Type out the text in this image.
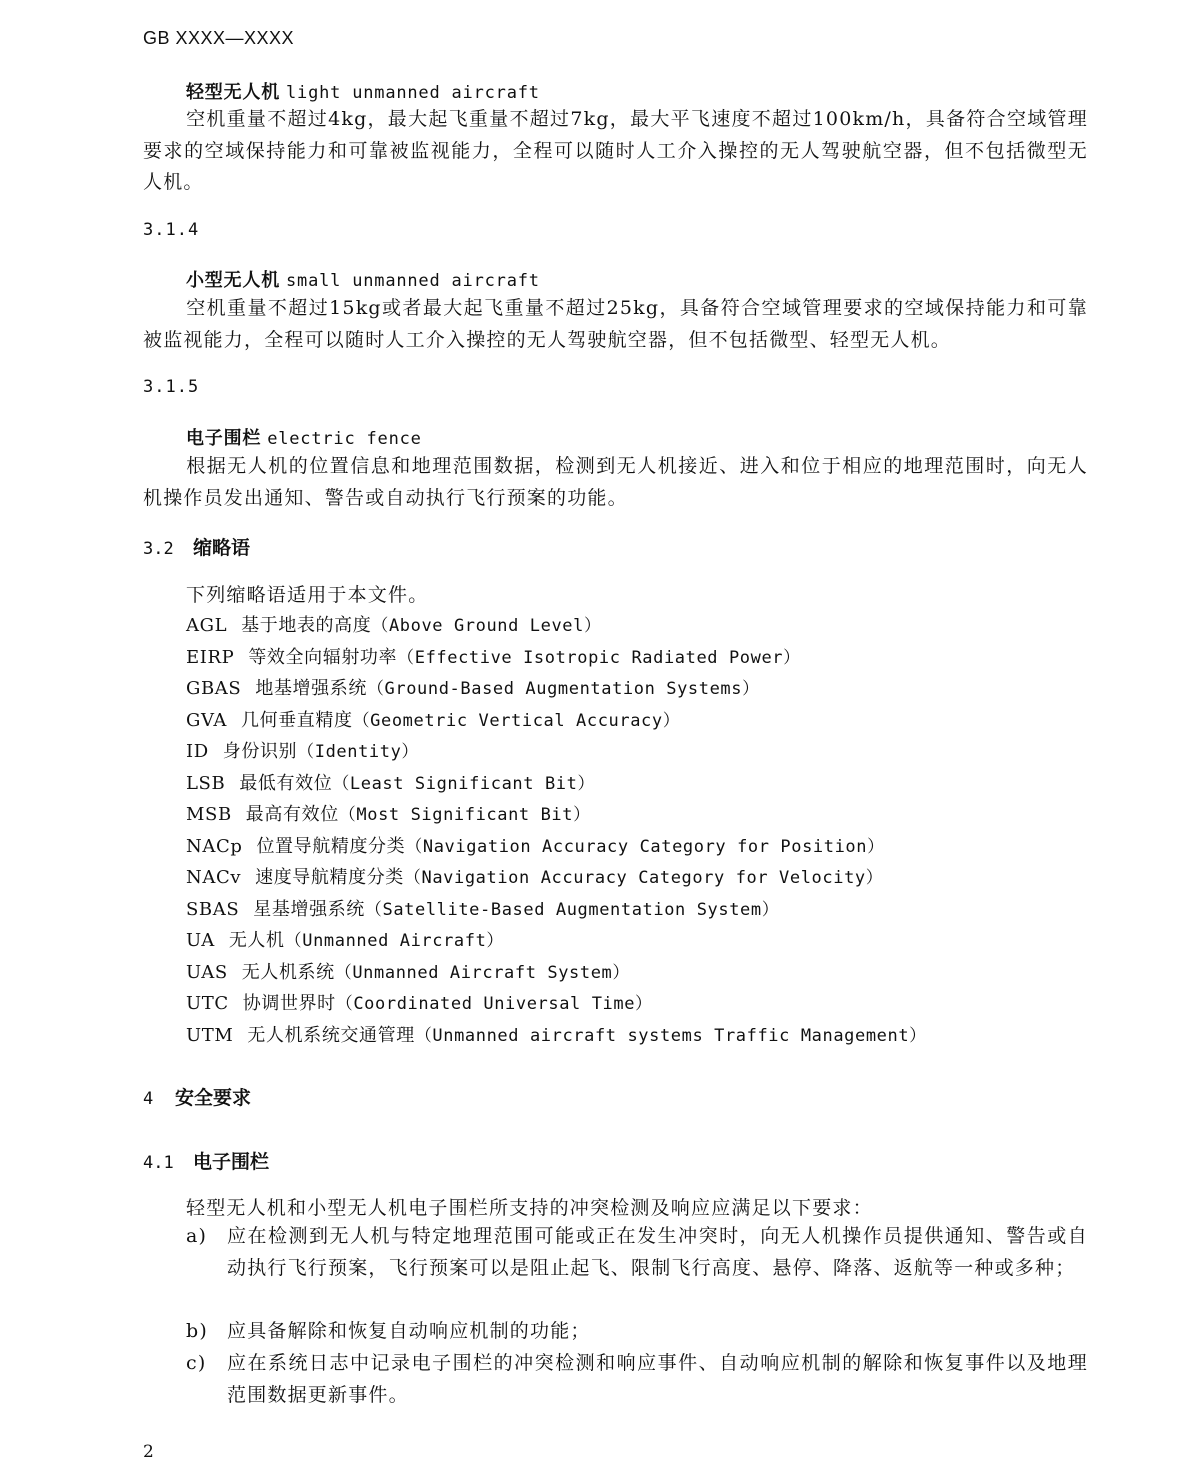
GB XXXX—XXXX
轻型无人机 light unmanned aircraft
空机重量不超过4kg，最大起飞重量不超过7kg，最大平飞速度不超过100km/h，具备符合空域管理要求的空域保持能力和可靠被监视能力，全程可以随时人工介入操控的无人驾驶航空器，但不包括微型无人机。
3.1.4
小型无人机 small unmanned aircraft
空机重量不超过15kg或者最大起飞重量不超过25kg，具备符合空域管理要求的空域保持能力和可靠被监视能力，全程可以随时人工介入操控的无人驾驶航空器，但不包括微型、轻型无人机。
3.1.5
电子围栏 electric fence
根据无人机的位置信息和地理范围数据，检测到无人机接近、进入和位于相应的地理范围时，向无人机操作员发出通知、警告或自动执行飞行预案的功能。
3.2 缩略语
下列缩略语适用于本文件。
AGL 基于地表的高度（Above Ground Level）
EIRP 等效全向辐射功率（Effective Isotropic Radiated Power）
GBAS 地基增强系统（Ground-Based Augmentation Systems）
GVA 几何垂直精度（Geometric Vertical Accuracy）
ID 身份识别（Identity）
LSB 最低有效位（Least Significant Bit）
MSB 最高有效位（Most Significant Bit）
NACp 位置导航精度分类（Navigation Accuracy Category for Position）
NACv 速度导航精度分类（Navigation Accuracy Category for Velocity）
SBAS 星基增强系统（Satellite-Based Augmentation System）
UA 无人机（Unmanned Aircraft）
UAS 无人机系统（Unmanned Aircraft System）
UTC 协调世界时（Coordinated Universal Time）
UTM 无人机系统交通管理（Unmanned aircraft systems Traffic Management）
4 安全要求
4.1 电子围栏
轻型无人机和小型无人机电子围栏所支持的冲突检测及响应应满足以下要求：
a)	应在检测到无人机与特定地理范围可能或正在发生冲突时，向无人机操作员提供通知、警告或自动执行飞行预案，飞行预案可以是阻止起飞、限制飞行高度、悬停、降落、返航等一种或多种；
b)	应具备解除和恢复自动响应机制的功能；
c)	应在系统日志中记录电子围栏的冲突检测和响应事件、自动响应机制的解除和恢复事件以及地理范围数据更新事件。
2
